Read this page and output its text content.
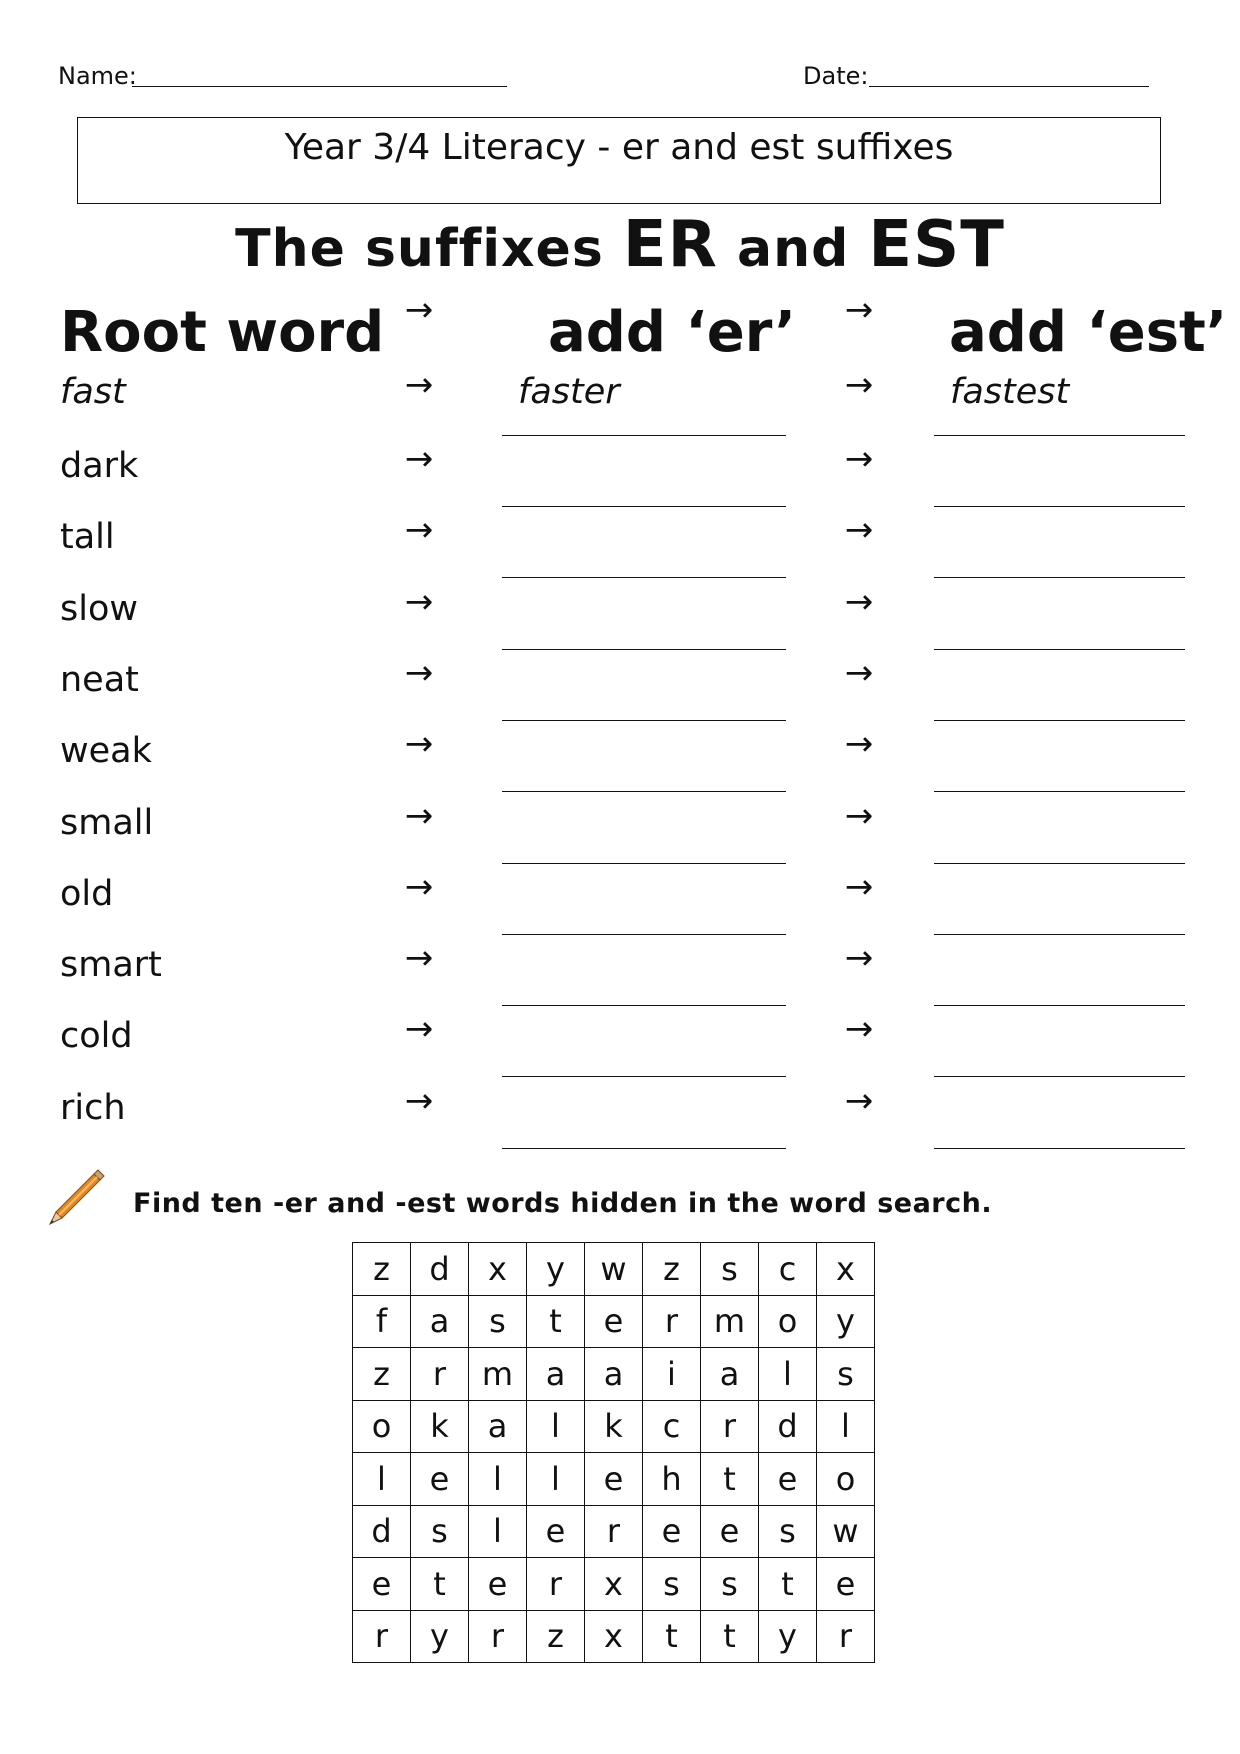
Name:	Date:
Year 3/4 Literacy - er and est suffixes
The suffixes ER and EST
Root word → add ‘er’	→ add ‘est’
fast	→	faster	→	fastest
dark	→	→
tall	→	→
slow	→	→
neat	→	→
weak	→	→
small	→	→
old	→	→
smart	→	→
cold	→	→
rich	→	→
Find ten -er and -est words hidden in the word search.
z	d	x	y	w	z	s	c	x
f	a	s	t	e	r	m	o	y
z	r	m	a	a	i	a	l	s
o	k	a	l	k	c	r	d	l
l	e	l	l	e	h	t	e	o
d	s	l	e	r	e	e	s	w
e	t	e	r	x	s	s	t	e
r	y	r	z	x	t	t	y	r
